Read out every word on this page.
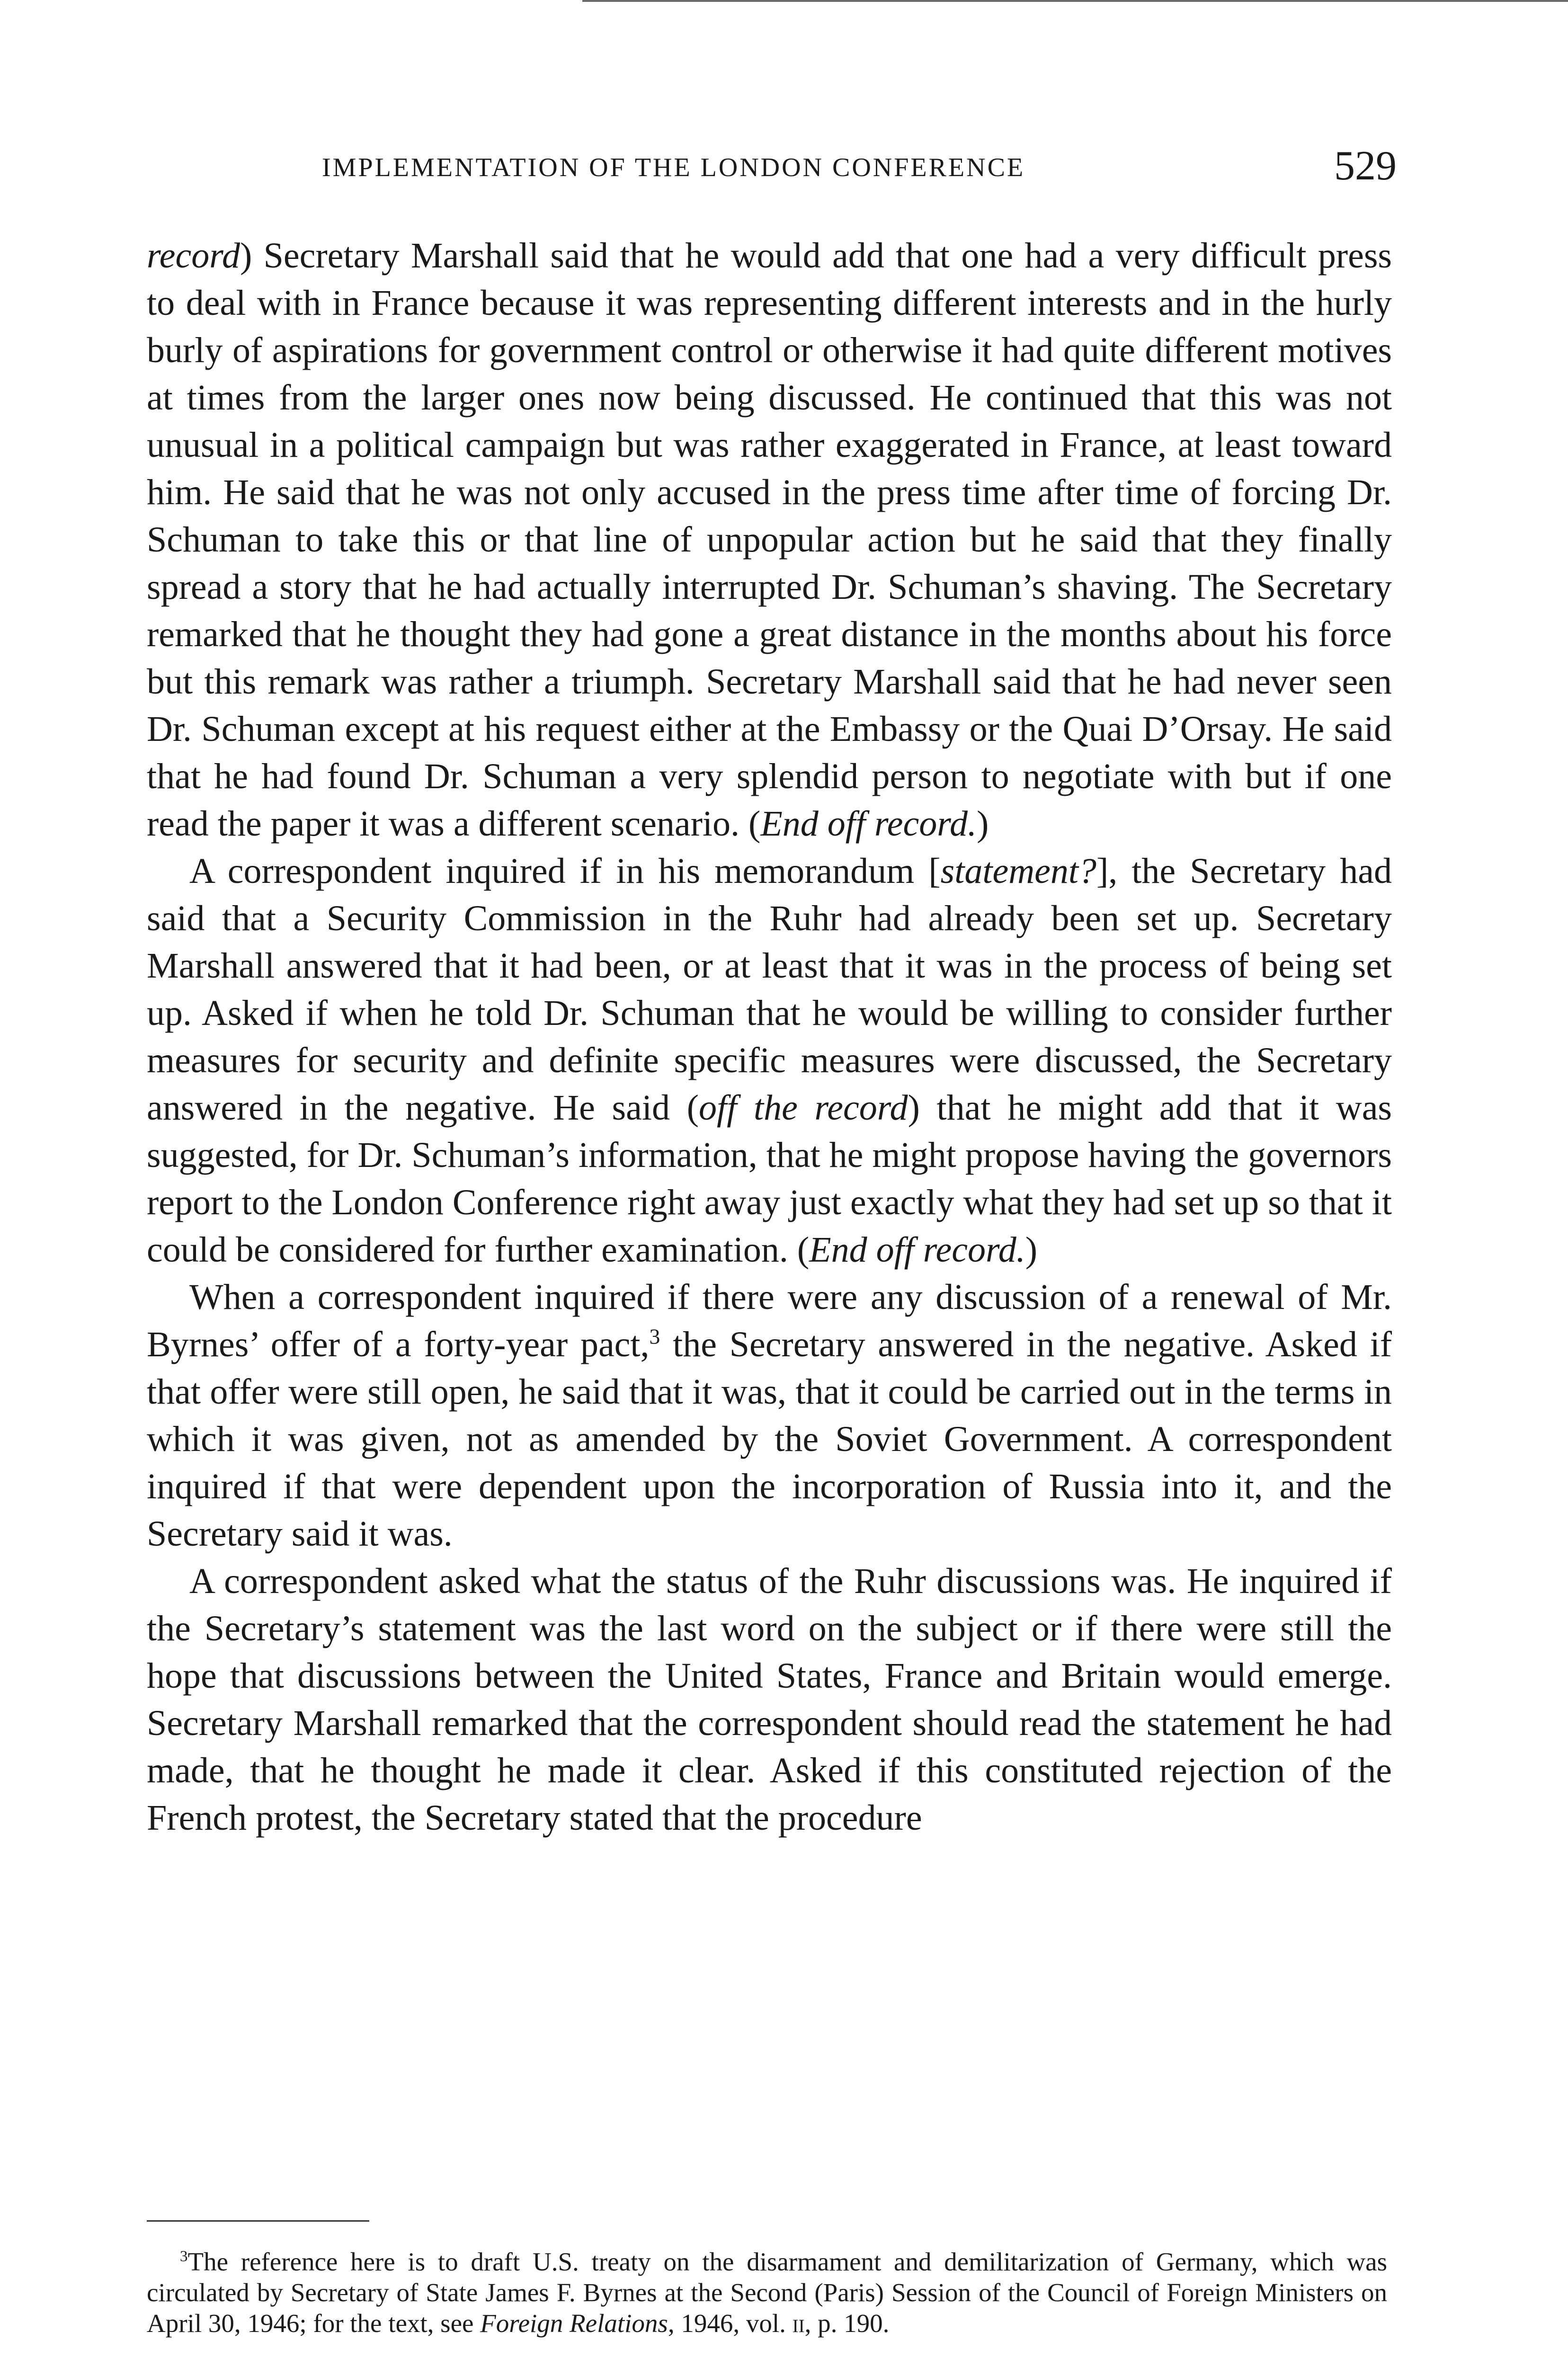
IMPLEMENTATION OF THE LONDON CONFERENCE	529

record) Secretary Marshall said that he would add that one had a very difficult press to deal with in France because it was representing different interests and in the hurly burly of aspirations for government control or otherwise it had quite different motives at times from the larger ones now being discussed. He continued that this was not unusual in a political campaign but was rather exaggerated in France, at least toward him. He said that he was not only accused in the press time after time of forcing Dr. Schuman to take this or that line of unpopular action but he said that they finally spread a story that he had actually interrupted Dr. Schuman’s shaving. The Secretary remarked that he thought they had gone a great distance in the months about his force but this remark was rather a triumph. Secretary Marshall said that he had never seen Dr. Schuman except at his request either at the Embassy or the Quai D’Orsay. He said that he had found Dr. Schuman a very splendid person to negotiate with but if one read the paper it was a different scenario. (End off record.)

A correspondent inquired if in his memorandum [statement?], the Secretary had said that a Security Commission in the Ruhr had already been set up. Secretary Marshall answered that it had been, or at least that it was in the process of being set up. Asked if when he told Dr. Schuman that he would be willing to consider further measures for security and definite specific measures were discussed, the Secretary answered in the negative. He said (off the record) that he might add that it was suggested, for Dr. Schuman’s information, that he might propose having the governors report to the London Conference right away just exactly what they had set up so that it could be considered for further examination. (End off record.)

When a correspondent inquired if there were any discussion of a renewal of Mr. Byrnes’ offer of a forty-year pact,$^3$ the Secretary answered in the negative. Asked if that offer were still open, he said that it was, that it could be carried out in the terms in which it was given, not as amended by the Soviet Government. A correspondent inquired if that were dependent upon the incorporation of Russia into it, and the Secretary said it was.

A correspondent asked what the status of the Ruhr discussions was. He inquired if the Secretary’s statement was the last word on the subject or if there were still the hope that discussions between the United States, France and Britain would emerge. Secretary Marshall remarked that the correspondent should read the statement he had made, that he thought he made it clear. Asked if this constituted rejection of the French protest, the Secretary stated that the procedure

$^3$The reference here is to draft U.S. treaty on the disarmament and demilitarization of Germany, which was circulated by Secretary of State James F. Byrnes at the Second (Paris) Session of the Council of Foreign Ministers on April 30, 1946; for the text, see Foreign Relations, 1946, vol. ii, p. 190.
